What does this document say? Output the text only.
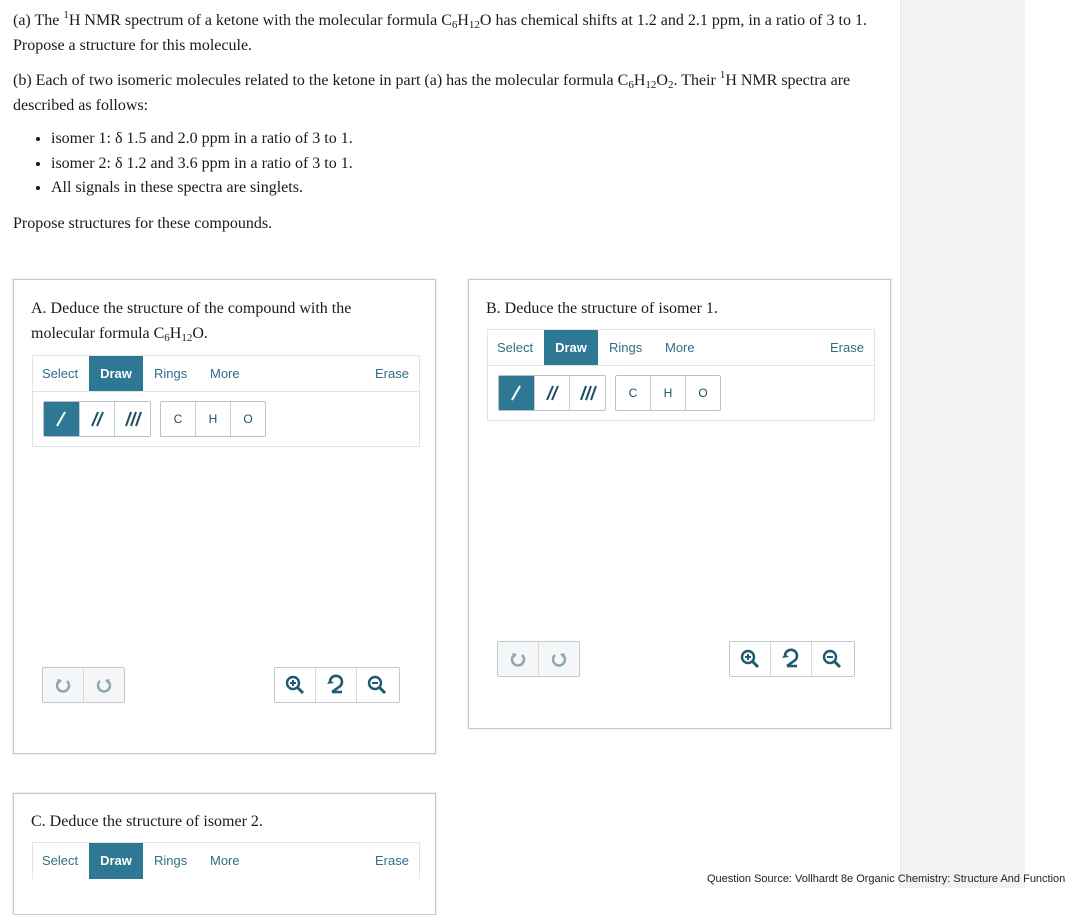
(a) The $^1$H NMR spectrum of a ketone with the molecular formula $C_6H_{12}O$ has chemical shifts at 1.2 and 2.1 ppm, in a ratio of 3 to 1. Propose a structure for this molecule.

(b) Each of two isomeric molecules related to the ketone in part (a) has the molecular formula $C_6H_{12}O_2$. Their $^1$H NMR spectra are described as follows:

• isomer 1: δ 1.5 and 2.0 ppm in a ratio of 3 to 1.
• isomer 2: δ 1.2 and 3.6 ppm in a ratio of 3 to 1.
• All signals in these spectra are singlets.

Propose structures for these compounds.

A. Deduce the structure of the compound with the
molecular formula $C_6H_{12}O$.
Select	Draw	Rings More	Erase
C	H	O
B. Deduce the structure of isomer 1.
Select	Draw	Rings More	Erase
C	H	O
C. Deduce the structure of isomer 2.
Select	Draw	Rings More	Erase
Question Source: Vollhardt 8e Organic Chemistry: Structure And Function
